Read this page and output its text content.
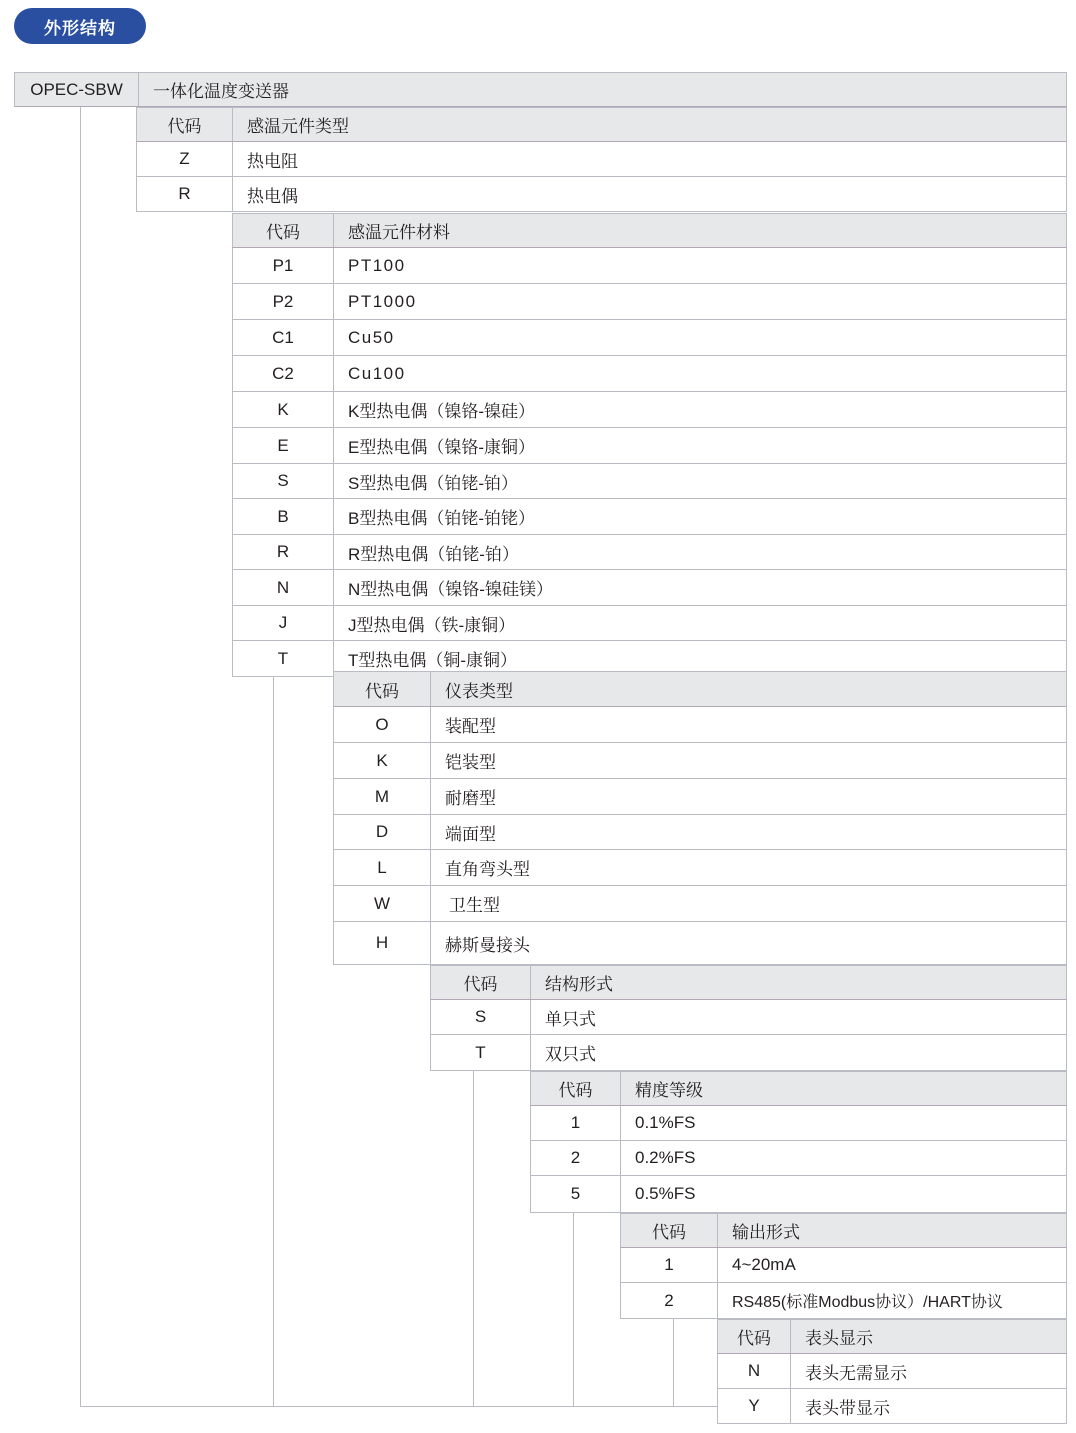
外形结构
OPEC-SBW	一体化温度变送器
代码	感温元件类型
Z	热电阻
R	热电偶
代码	感温元件材料
P1	PT100
P2	PT1000
C1	Cu50
C2	Cu100
K	K型热电偶（镍铬-镍硅）
E	E型热电偶（镍铬-康铜）
S	S型热电偶（铂铑-铂）
B	B型热电偶（铂铑-铂铑）
R	R型热电偶（铂铑-铂）
N	N型热电偶（镍铬-镍硅镁）
J	J型热电偶（铁-康铜）
T	T型热电偶（铜-康铜）
代码	仪表类型
O	装配型
K	铠装型
M	耐磨型
D	端面型
L	直角弯头型
W	卫生型
H	赫斯曼接头
代码	结构形式
S	单只式
T	双只式
代码	精度等级
1	0.1%FS
2	0.2%FS
5	0.5%FS
代码	输出形式
1	4~20mA
2	RS485(标准Modbus协议）/HART协议
代码	表头显示
N	表头无需显示
Y	表头带显示
